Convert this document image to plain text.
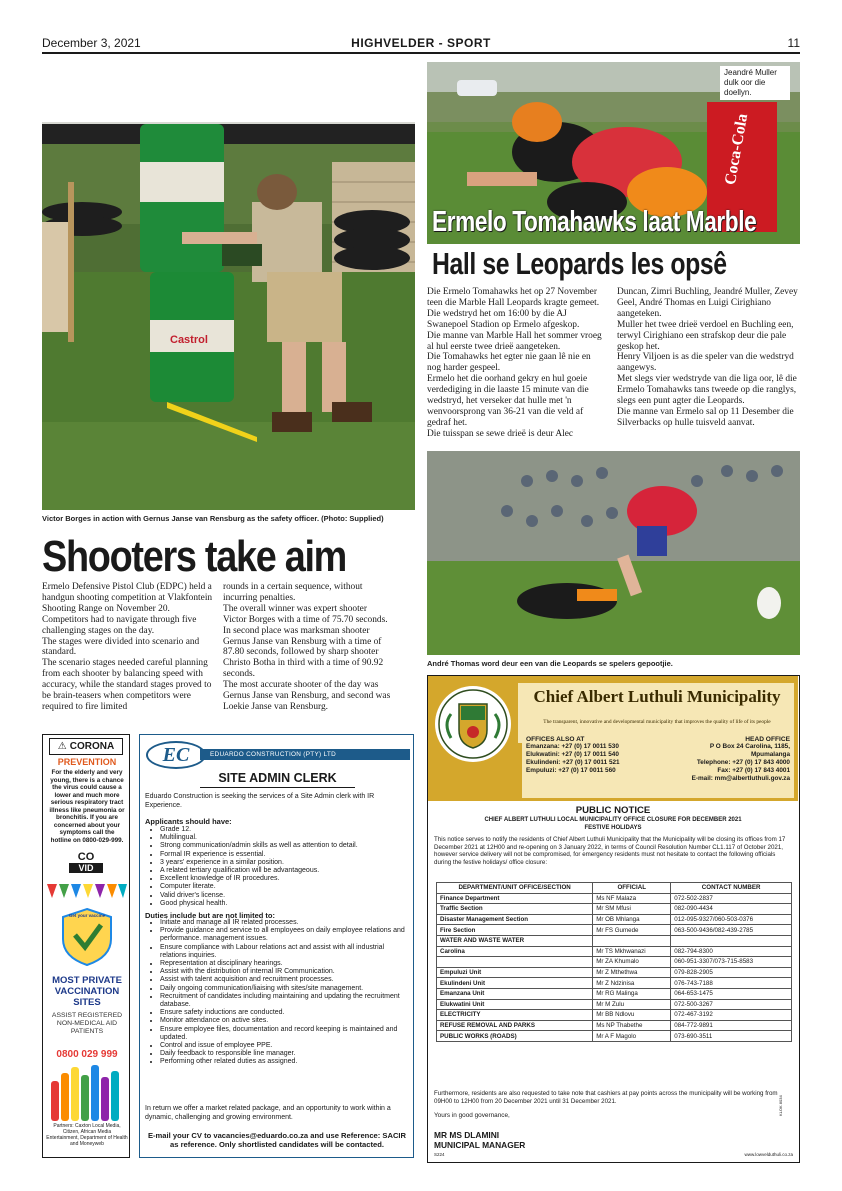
December 3, 2021	HIGHVELDER - SPORT	11
Castrol
Victor Borges in action with Gernus Janse van Rensburg as the safety officer. (Photo: Supplied)
Shooters take aim

Ermelo Defensive Pistol Club (EDPC) held a handgun shooting competition at Vlakfontein Shooting Range on November 20.

Competitors had to navigate through five challenging stages on the day.

The stages were divided into scenario and standard.

The scenario stages needed careful planning from each shooter by balancing speed with accuracy, while the standard stages proved to be brain-teasers when competitors were required to fire limited

rounds in a certain sequence, without incurring penalties.

The overall winner was expert shooter Victor Borges with a time of 75.70 seconds.

In second place was marksman shooter Gernus Janse van Rensburg with a time of 87.80 seconds, followed by sharp shooter Christo Botha in third with a time of 90.92 seconds.

The most accurate shooter of the day was Gernus Janse van Rensburg, and second was Loekie Janse van Rensburg.

Coca-Cola
Jeandré Muller dulk oor die doellyn.
Ermelo Tomahawks laat Marble
Hall se Leopards les opsê

Die Ermelo Tomahawks het op 27 November teen die Marble Hall Leopards kragte gemeet.

Die wedstryd het om 16:00 by die AJ Swanepoel Stadion op Ermelo afgeskop.

Die manne van Marble Hall het sommer vroeg al hul eerste twee drieë aangeteken.

Die Tomahawks het egter nie gaan lê nie en nog harder gespeel.

Ermelo het die oorhand gekry en hul goeie verdediging in die laaste 15 minute van die wedstryd, het verseker dat hulle met 'n wenvoorsprong van 36-21 van die veld af gedraf het.

Die tuisspan se sewe drieë is deur Alec

Duncan, Zimri Buchling, Jeandré Muller, Zevey Geel, André Thomas en Luigi Cirighiano aangeteken.

Muller het twee drieë verdoel en Buchling een, terwyl Cirighiano een strafskop deur die pale geskop het.

Henry Viljoen is as die speler van die wedstryd aangewys.

Met slegs vier wedstryde van die liga oor, lê die Ermelo Tomahawks tans tweede op die ranglys, slegs een punt agter die Leopards.

Die manne van Ermelo sal op 11 Desember die Silverbacks op hulle tuisveld aanvat.

André Thomas word deur een van die Leopards se spelers gepootjie.
⚠ CORONA
PREVENTION
For the elderly and very young, there is a chance the virus could cause a lower and much more serious respiratory tract illness like pneumonia or bronchitis. If you are concerned about your symptoms call the hotline on 0800-029-999.
CO
VID
Get your vaccine
MOST PRIVATE VACCINATION SITES
ASSIST REGISTERED NON-MEDICAL AID PATIENTS
0800 029 999
Partners: Caxton Local Media, Citizen, African Media Entertainment, Department of Health and Moneyweb
EC	EDUARDO CONSTRUCTION (PTY) LTD
SITE ADMIN CLERK
Eduardo Construction is seeking the services of a Site Admin clerk with IR Experience.
Applicants should have:
• Grade 12.
• Multilingual.
• Strong communication/admin skills as well as attention to detail.
• Formal IR experience is essential.
• 3 years' experience in a similar position.
• A related tertiary qualification will be advantageous.
• Excellent knowledge of IR procedures.
• Computer literate.
• Valid driver's license.
• Good physical health.
Duties include but are not limited to:
• Initiate and manage all IR related processes.
• Provide guidance and service to all employees on daily employee relations and performance. management issues.
• Ensure compliance with Labour relations act and assist with all industrial relations inquiries.
• Representation at disciplinary hearings.
• Assist with the distribution of internal IR Communication.
• Assist with talent acquisition and recruitment processes.
• Daily ongoing communication/liaising with sites/site management.
• Recruitment of candidates including maintaining and updating the recruitment database.
• Ensure safety inductions are conducted.
• Monitor attendance on active sites.
• Ensure employee files, documentation and record keeping is maintained and updated.
• Control and issue of employee PPE.
• Daily feedback to responsible line manager.
• Performing other related duties as assigned.
In return we offer a market related package, and an opportunity to work within a dynamic, challenging and growing environment.
E-mail your CV to vacancies@eduardo.co.za and use Reference: SACIR as reference. Only shortlisted candidates will be contacted.
Chief Albert Luthuli Municipality
The transparent, innovative and developmental municipality that improves the quality of life of its people
OFFICES ALSO AT
Emanzana: +27 (0) 17 0011 530
Elukwatini: +27 (0) 17 0011 540
Ekulindeni: +27 (0) 17 0011 521
Empuluzi: +27 (0) 17 0011 560
HEAD OFFICE
P O Box 24 Carolina, 1185,
Mpumalanga
Telephone: +27 (0) 17 843 4000
Fax: +27 (0) 17 843 4001
E-mail: mm@albertluthuli.gov.za
PUBLIC NOTICE
CHIEF ALBERT LUTHULI LOCAL MUNICIPALITY OFFICE CLOSURE FOR DECEMBER 2021
FESTIVE HOLIDAYS
This notice serves to notify the residents of Chief Albert Luthuli Municipality that the Municipality will be closing its offices from 17 December 2021 at 12H00 and re-opening on 3 January 2022, in terms of Council Resolution Number CL1.117 of October 2021, however service delivery will not be compromised, for emergency residents must not hesitate to contact the following officials during the festive holidays/ office closure:
DEPARTMENT/UNIT OFFICE/SECTION	OFFICIAL	CONTACT NUMBER
Finance Department	Ms NF Malaza	072-502-2837
Traffic Section	Mr SM Mfusi	082-090-4434
Disaster Management Section	Mr OB Mhlanga	012-095-9327/060-503-0376
Fire Section	Mr FS Gumede	063-500-9436/082-439-2785
WATER AND WASTE WATER		
Carolina	Mr TS Mkhwanazi	082-794-8300
	Mr ZA Khumalo	060-951-3307/073-715-8583
Empuluzi Unit	Mr Z Mthethwa	079-828-2905
Ekulindeni Unit	Mr Z Ndzinisa	076-743-7188
Emanzana Unit	Mr RG Malinga	064-653-1475
Elukwatini Unit	Mr M Zulu	072-500-3267
ELECTRICITY	Mr BB Ndlovu	072-467-3192
REFUSE REMOVAL AND PARKS	Ms NP Thabethe	084-772-9891
PUBLIC WORKS (ROADS)	Mr A F Magolo	073-690-3511
Furthermore, residents are also requested to take note that cashiers at pay points across the municipality will be working from 09H00 to 12H00 from 20 December 2021 until 31 December 2021.
Yours in good governance,
MR MS DLAMINI
MUNICIPAL MANAGER
S224	www.lowvelduthuli.co.za
KLOK 8034
